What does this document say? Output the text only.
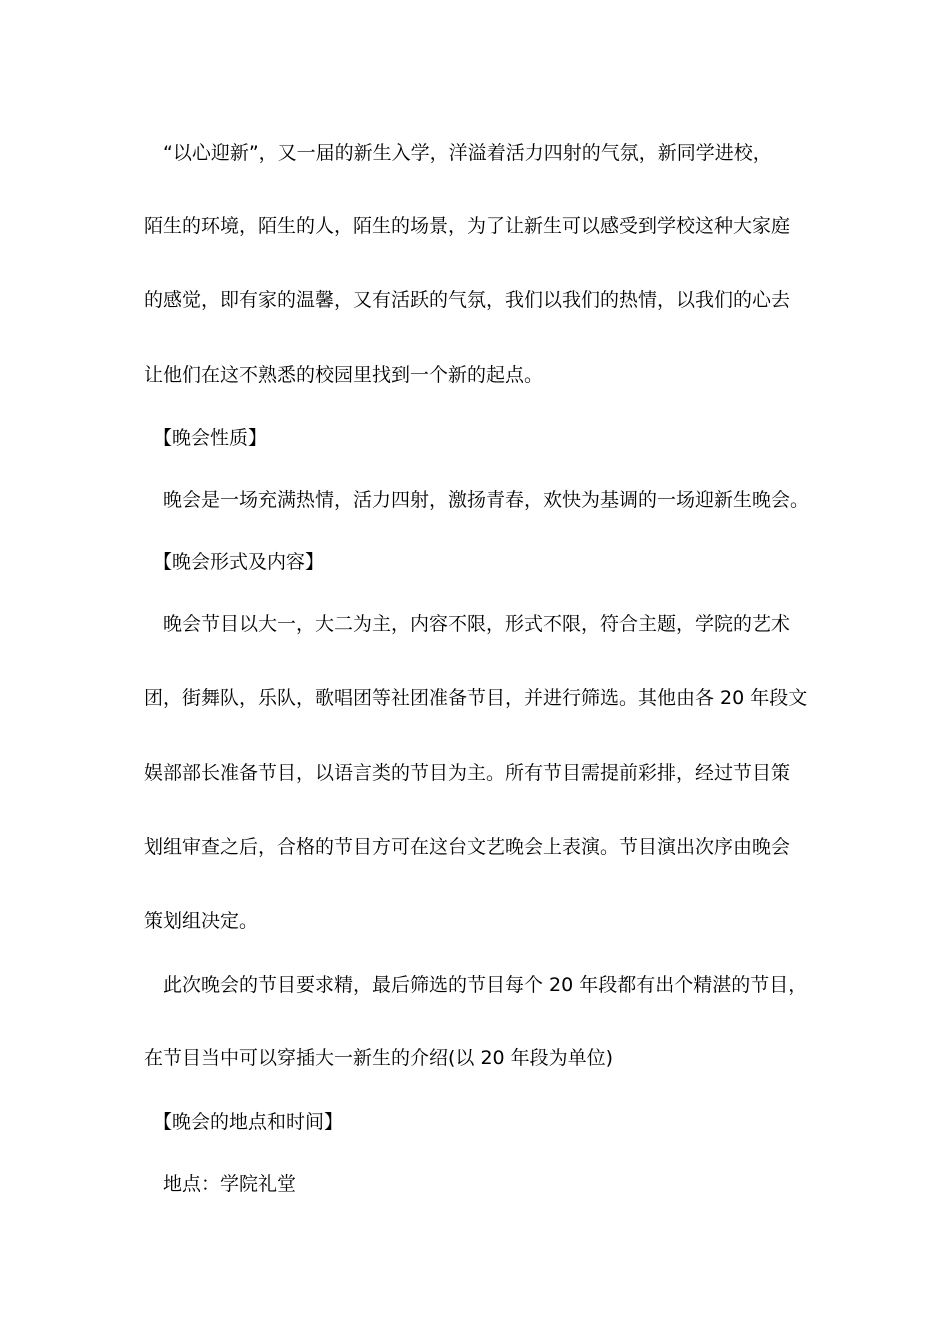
“以心迎新”，又一届的新生入学，洋溢着活力四射的气氛，新同学进校，
陌生的环境，陌生的人，陌生的场景，为了让新生可以感受到学校这种大家庭
的感觉，即有家的温馨，又有活跃的气氛，我们以我们的热情，以我们的心去
让他们在这不熟悉的校园里找到一个新的起点。
【晚会性质】
晚会是一场充满热情，活力四射，激扬青春，欢快为基调的一场迎新生晚会。
【晚会形式及内容】
晚会节目以大一，大二为主，内容不限，形式不限，符合主题，学院的艺术
团，街舞队，乐队，歌唱团等社团准备节目，并进行筛选。其他由各 20 年段文
娱部部长准备节目，以语言类的节目为主。所有节目需提前彩排，经过节目策
划组审查之后，合格的节目方可在这台文艺晚会上表演。节目演出次序由晚会
策划组决定。
此次晚会的节目要求精，最后筛选的节目每个 20 年段都有出个精湛的节目，
在节目当中可以穿插大一新生的介绍(以 20 年段为单位)
【晚会的地点和时间】
地点：学院礼堂
